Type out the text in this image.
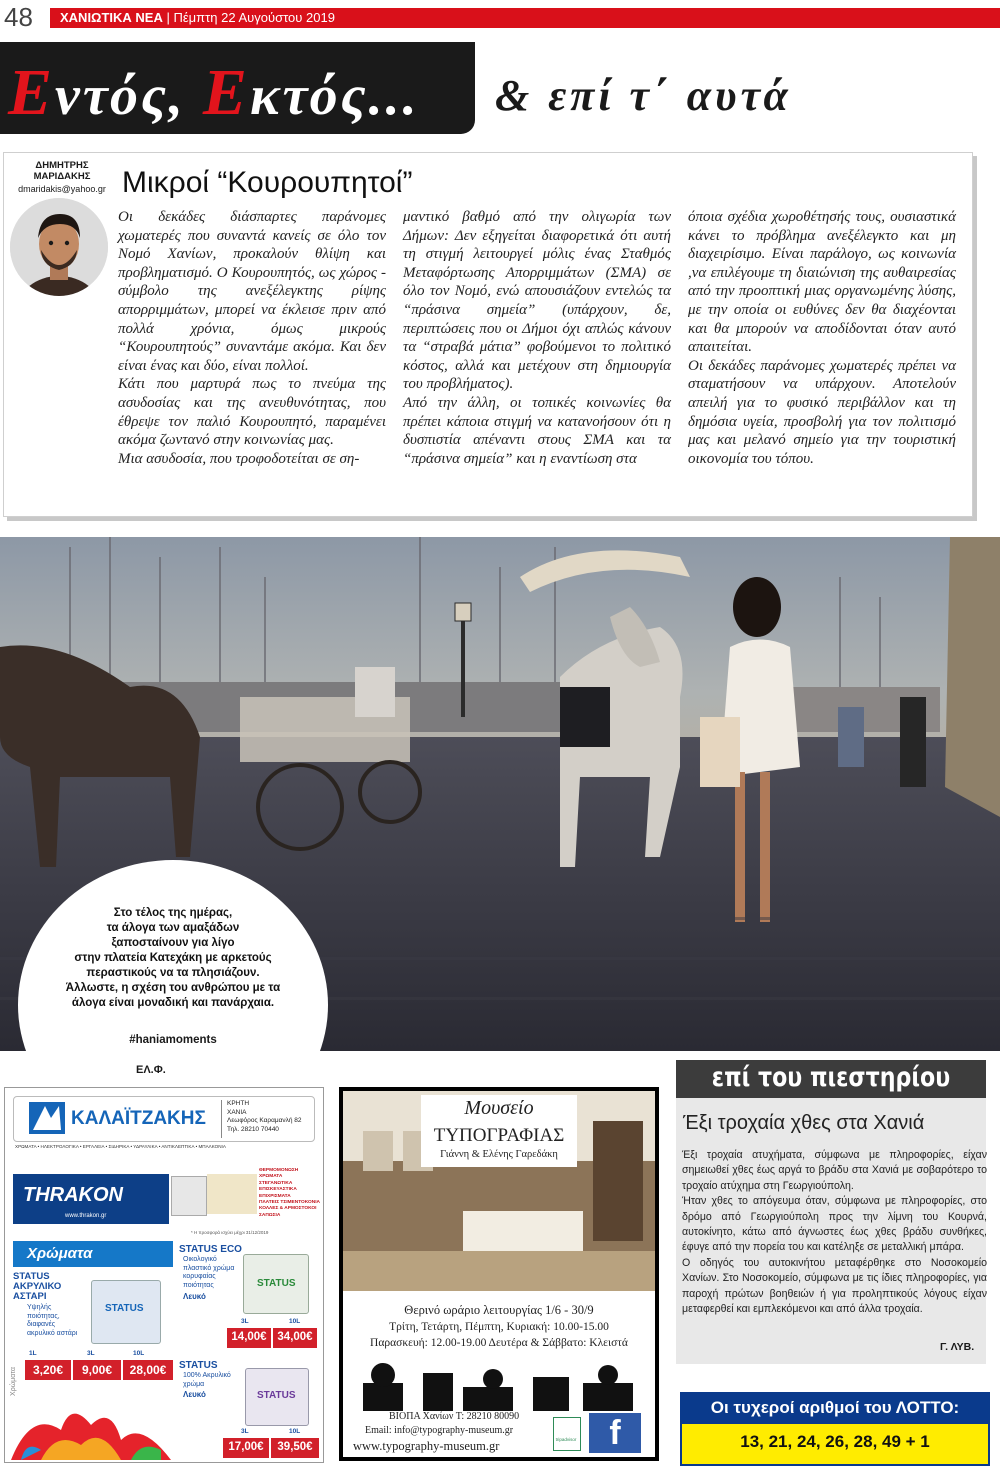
48 ΧΑΝΙΩΤΙΚΑ ΝΕΑ | Πέμπτη 22 Αυγούστου 2019
Εντός, Εκτός... & επί τ΄ αυτά
ΔΗΜΗΤΡΗΣ
ΜΑΡΙΔΑΚΗΣ
dmaridakis@yahoo.gr Μικροί “Κουρουπητοί”

Οι δεκάδες διάσπαρτες παράνομες χωματερές που συναντά κανείς σε όλο τον Νομό Χανίων, προκαλούν θλίψη και προβληματισμό. Ο Κουρουπητός, ως χώρος - σύμβολο της ανεξέλεγκτης ρίψης απορριμμάτων, μπορεί να έκλεισε πριν από πολλά χρόνια, όμως μικρούς “Κουρουπητούς” συναντάμε ακόμα. Και δεν είναι ένας και δύο, είναι πολλοί.

Κάτι που μαρτυρά πως το πνεύμα της ασυδοσίας και της ανευθυνότητας, που έθρεψε τον παλιό Κουρουπητό, παραμένει ακόμα ζωντανό στην κοινωνίας μας.

Μια ασυδοσία, που τροφοδοτείται σε ση-

μαντικό βαθμό από την ολιγωρία των Δήμων: Δεν εξηγείται διαφορετικά ότι αυτή τη στιγμή λειτουργεί μόλις ένας Σταθμός Μεταφόρτωσης Απορριμμάτων (ΣΜΑ) σε όλο τον Νομό, ενώ απουσιάζουν εντελώς τα “πράσινα σημεία” (υπάρχουν, δε, περιπτώσεις που οι Δήμοι όχι απλώς κάνουν τα “στραβά μάτια” φοβούμενοι το πολιτικό κόστος, αλλά και μετέχουν στη δημιουργία του προβλήματος).

Από την άλλη, οι τοπικές κοινωνίες θα πρέπει κάποια στιγμή να κατανοήσουν ότι η δυσπιστία απέναντι στους ΣΜΑ και τα “πράσινα σημεία” και η εναντίωση στα

όποια σχέδια χωροθέτησής τους, ουσιαστικά κάνει το πρόβλημα ανεξέλεγκτο και μη διαχειρίσιμο. Είναι παράλογο, ως κοινωνία ,να επιλέγουμε τη διαιώνιση της αυθαιρεσίας από την προοπτική μιας οργανωμένης λύσης, με την οποία οι ευθύνες δεν θα διαχέονται και θα μπορούν να αποδίδονται όταν αυτό απαιτείται.

Οι δεκάδες παράνομες χωματερές πρέπει να σταματήσουν να υπάρχουν. Αποτελούν απειλή για το φυσικό περιβάλλον και τη δημόσια υγεία, προσβολή για τον πολιτισμό μας και μελανό σημείο για την τουριστική οικονομία του τόπου.

Στο τέλος της ημέρας,
τα άλογα των αμαξάδων
ξαποσταίνουν για λίγο
στην πλατεία Κατεχάκη με αρκετούς
περαστικούς να τα πλησιάζουν.
Άλλωστε, η σχέση του ανθρώπου με τα
άλογα είναι μοναδική και πανάρχαια.
#haniamoments
ΕΛ.Φ.
ΚΑΛΑΪΤΖΑΚΗΣ
ΚΡΗΤΗ
ΧΑΝΙΑ
Λεωφόρος Καραμανλή 82
Τηλ. 28210 70440
ΧΡΩΜΑΤΑ • ΗΛΕΚΤΡΟΛΟΓΙΚΑ • ΕΡΓΑΛΕΙΑ • ΣΙΔΗΡΙΚΑ • ΥΔΡΑΥΛΙΚΑ • ΑΝΤΙΚΛΕΠΤΙΚΑ • ΜΠΑΛΚΟΝΙΑ
THRAKON
www.thrakon.gr
ΘΕΡΜΟΜΟΝΩΣΗ
ΧΡΩΜΑΤΑ
ΣΤΕΓΑΝΩΤΙΚΑ
ΕΠΙΣΚΕΥΑΣΤΙΚΑ
ΕΠΙΧΡΙΣΜΑΤΑ
ΠΛΑΤΕΙΣ ΤΣΙΜΕΝΤΟΚΟΝΙΑ
ΚΟΛΛΕΣ & ΑΡΜΟΣΤΟΚΟΙ
ΣΑΠΩΣΙΑ
* Η προσφορά ισχύει μέχρι 31/12/2019
Χρώματα
Χρώματα
STATUS
ΑΚΡΥΛΙΚΟ
ΑΣΤΑΡΙ
Υψηλής
ποιότητας,
διαφανές
ακρυλικό αστάρι
STATUS
1L	3L	10L
3,20€	9,00€	28,00€
STATUS ECO
Οικολογικό
πλαστικό χρώμα
κορυφαίας
ποιότητας
Λευκό
STATUS
3L	10L
14,00€ 34,00€
STATUS
100% Ακρυλικό
χρώμα
Λευκό	STATUS
3L	10L
17,00€	39,50€
Μουσείο
ΤΥΠΟΓΡΑΦΙΑΣ
Γιάννη & Ελένης Γαρεδάκη
Θερινό ωράριο λειτουργίας 1/6 - 30/9
Τρίτη, Τετάρτη, Πέμπτη, Κυριακή: 10.00-15.00
Παρασκευή: 12.00-19.00 Δευτέρα & Σάββατο: Κλειστά
ΒΙΟΠΑ Χανίων Τ: 28210 80090
Email: info@typography-museum.gr
www.typography-museum.gr	tripadvisor f
επί του πιεστηρίου
Έξι τροχαία χθες στα Χανιά

Έξι τροχαία ατυχήματα, σύμφωνα με πληροφορίες, είχαν σημειωθεί χθες έως αργά το βράδυ στα Χανιά με σοβαρότερο το τροχαίο ατύχημα στη Γεωργιούπολη.

Ήταν χθες το απόγευμα όταν, σύμφωνα με πληροφορίες, στο δρόμο από Γεωργιούπολη προς την λίμνη του Κουρνά, αυτοκίνητο, κάτω από άγνωστες έως χθες βράδυ συνθήκες, έφυγε από την πορεία του και κατέληξε σε μεταλλική μπάρα.

Ο οδηγός του αυτοκινήτου μεταφέρθηκε στο Νοσοκομείο Χανίων. Στο Νοσοκομείο, σύμφωνα με τις ίδιες πληροφορίες, για παροχή πρώτων βοηθειών ή για προληπτικούς λόγους είχαν μεταφερθεί και εμπλεκόμενοι και από άλλα τροχαία.

Γ. ΛΥΒ.
Οι τυχεροί αριθμοί του ΛΟΤΤΟ:
13, 21, 24, 26, 28, 49 + 1
